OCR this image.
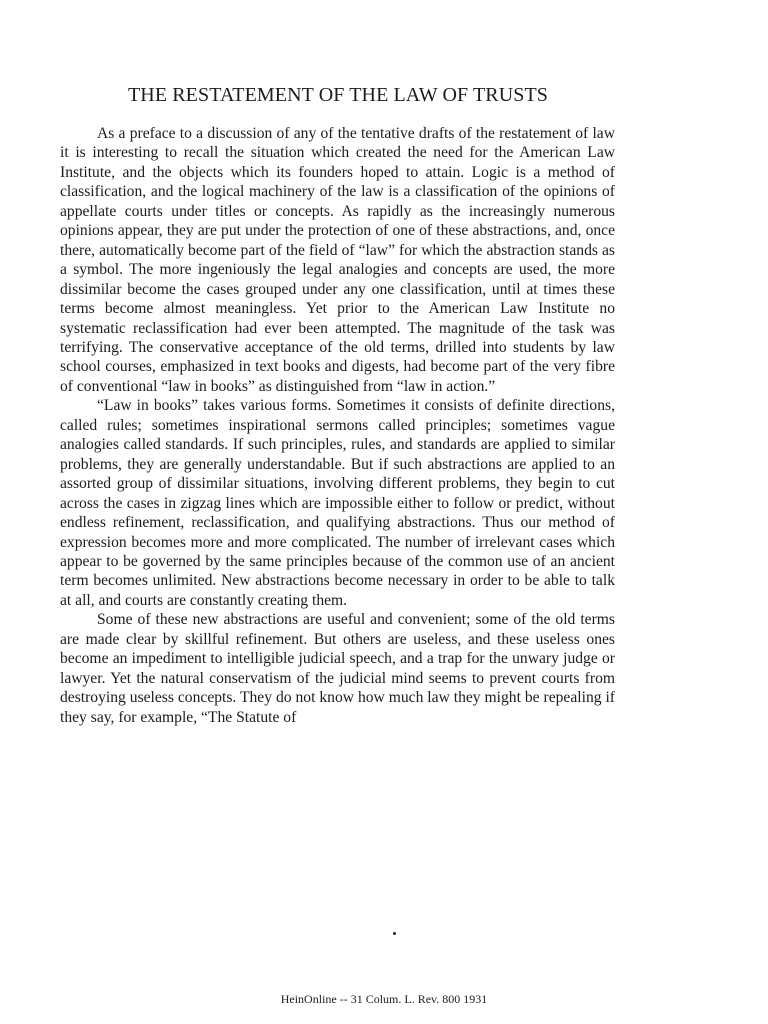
THE RESTATEMENT OF THE LAW OF TRUSTS

As a preface to a discussion of any of the tentative drafts of the restatement of law it is interesting to recall the situation which created the need for the American Law Institute, and the objects which its founders hoped to attain. Logic is a method of classification, and the logical machinery of the law is a classification of the opinions of appellate courts under titles or concepts. As rapidly as the increasingly numerous opinions appear, they are put under the protection of one of these abstractions, and, once there, automatically become part of the field of “law” for which the abstraction stands as a symbol. The more ingeniously the legal analogies and concepts are used, the more dissimilar become the cases grouped under any one classification, until at times these terms become almost meaningless. Yet prior to the American Law Institute no systematic reclassification had ever been attempted. The magnitude of the task was terrifying. The conservative acceptance of the old terms, drilled into students by law school courses, emphasized in text books and digests, had become part of the very fibre of conventional “law in books” as distinguished from “law in action.”

“Law in books” takes various forms. Sometimes it consists of definite directions, called rules; sometimes inspirational sermons called principles; sometimes vague analogies called standards. If such principles, rules, and standards are applied to similar problems, they are generally understandable. But if such abstractions are applied to an assorted group of dissimilar situations, involving different problems, they begin to cut across the cases in zigzag lines which are impossible either to follow or predict, without endless refinement, reclassification, and qualifying abstractions. Thus our method of expression becomes more and more complicated. The number of irrelevant cases which appear to be governed by the same principles because of the common use of an ancient term becomes unlimited. New abstractions become necessary in order to be able to talk at all, and courts are constantly creating them.

Some of these new abstractions are useful and convenient; some of the old terms are made clear by skillful refinement. But others are useless, and these useless ones become an impediment to intelligible judicial speech, and a trap for the unwary judge or lawyer. Yet the natural conservatism of the judicial mind seems to prevent courts from destroying useless concepts. They do not know how much law they might be repealing if they say, for example, “The Statute of

HeinOnline -- 31 Colum. L. Rev. 800 1931
